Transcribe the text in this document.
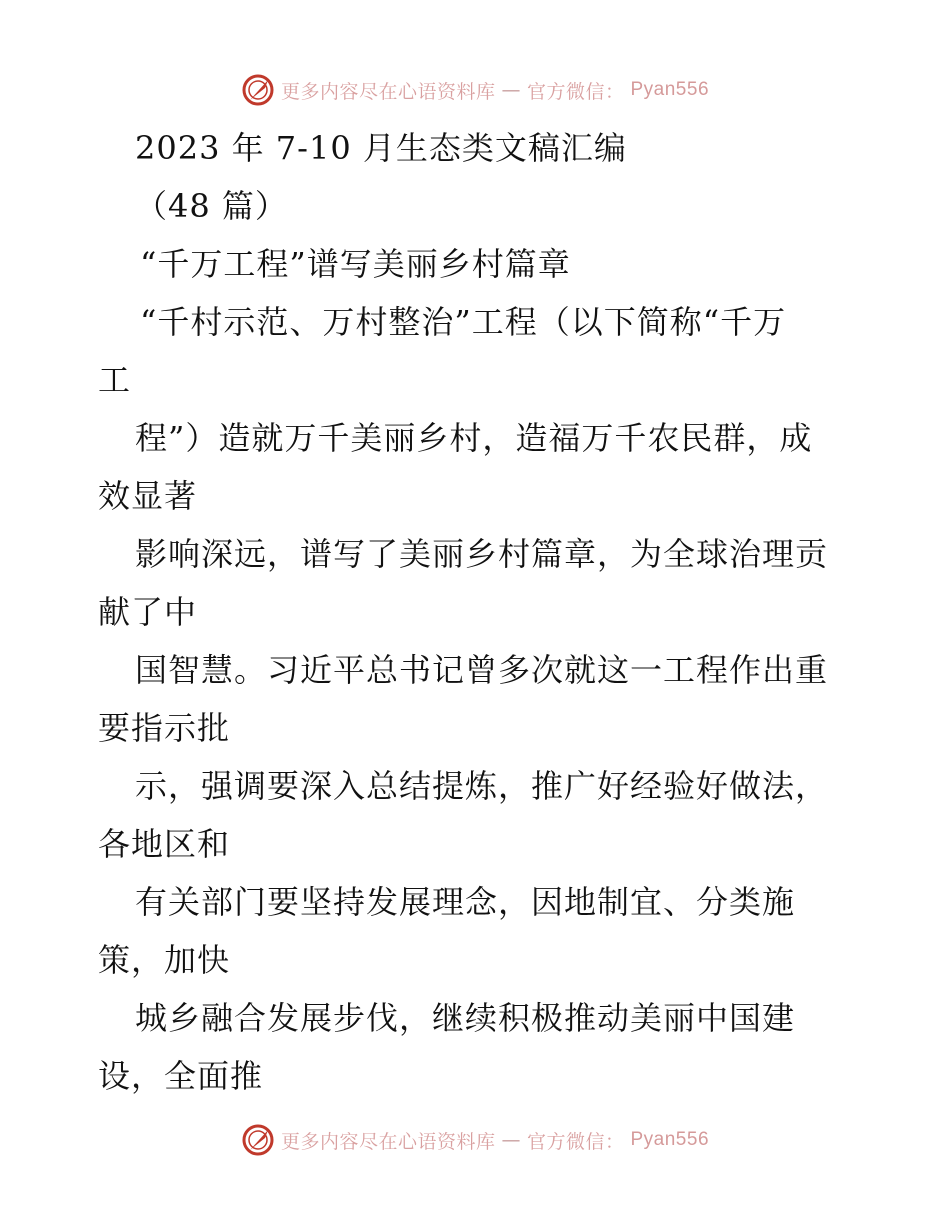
更多内容尽在心语资料库 — 官方微信： Pyan556
2023 年 7-10 月生态类文稿汇编
（48 篇）
“千万工程”谱写美丽乡村篇章
“千村示范、万村整治”工程（以下简称“千万
工
程”）造就万千美丽乡村，造福万千农民群，成
效显著
影响深远，谱写了美丽乡村篇章，为全球治理贡
献了中
国智慧。习近平总书记曾多次就这一工程作出重
要指示批
示，强调要深入总结提炼，推广好经验好做法，
各地区和
有关部门要坚持发展理念，因地制宜、分类施
策，加快
城乡融合发展步伐，继续积极推动美丽中国建
设，全面推
更多内容尽在心语资料库 — 官方微信： Pyan556
